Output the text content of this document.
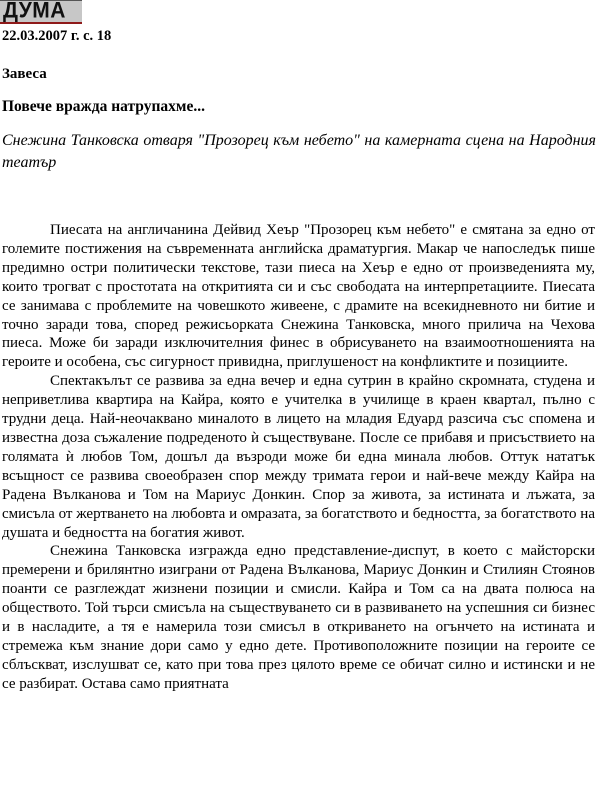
ДУМА
22.03.2007 г. с. 18
Завеса
Повече вражда натрупахме...
Снежина Танковска отваря "Прозорец към небето" на камерната сцена на Народния театър

Пиесата на англичанина Дейвид Хеър "Прозорец към небето" е смятана за едно от големите постижения на съвременната английска драматургия. Макар че напоследък пише предимно остри политически текстове, тази пиеса на Хеър е едно от произведенията му, които трогват с простотата на откритията си и със свободата на интерпретациите. Пиесата се занимава с проблемите на човешкото живеене, с драмите на всекидневното ни битие и точно заради това, според режисьорката Снежина Танковска, много прилича на Чехова пиеса. Може би заради изключителния финес в обрисуването на взаимоотношенията на героите и особена, със сигурност привидна, приглушеност на конфликтите и позициите.

Спектакълът се развива за една вечер и една сутрин в крайно скромната, студена и неприветлива квартира на Кайра, която е учителка в училище в краен квартал, пълно с трудни деца. Най-неочаквано миналото в лицето на младия Едуард разсича със спомена и известна доза съжаление подреденото ѝ съществуване. После се прибавя и присъствието на голямата ѝ любов Том, дошъл да възроди може би една минала любов. Оттук нататък всъщност се развива своеобразен спор между тримата герои и най-вече между Кайра на Радена Вълканова и Том на Мариус Донкин. Спор за живота, за истината и лъжата, за смисъла от жертването на любовта и омразата, за богатството и бедността, за богатството на душата и бедността на богатия живот.

Снежина Танковска изгражда едно представление-диспут, в което с майсторски премерени и брилянтно изиграни от Радена Вълканова, Мариус Донкин и Стилиян Стоянов поанти се разглеждат жизнени позиции и смисли. Кайра и Том са на двата полюса на обществото. Той търси смисъла на съществуването си в развиването на успешния си бизнес и в насладите, а тя е намерила този смисъл в откриването на огънчето на истината и стремежа към знание дори само у едно дете. Противоположните позиции на героите се сблъскват, изслушват се, като при това през цялото време се обичат силно и истински и не се разбират. Остава само приятната
